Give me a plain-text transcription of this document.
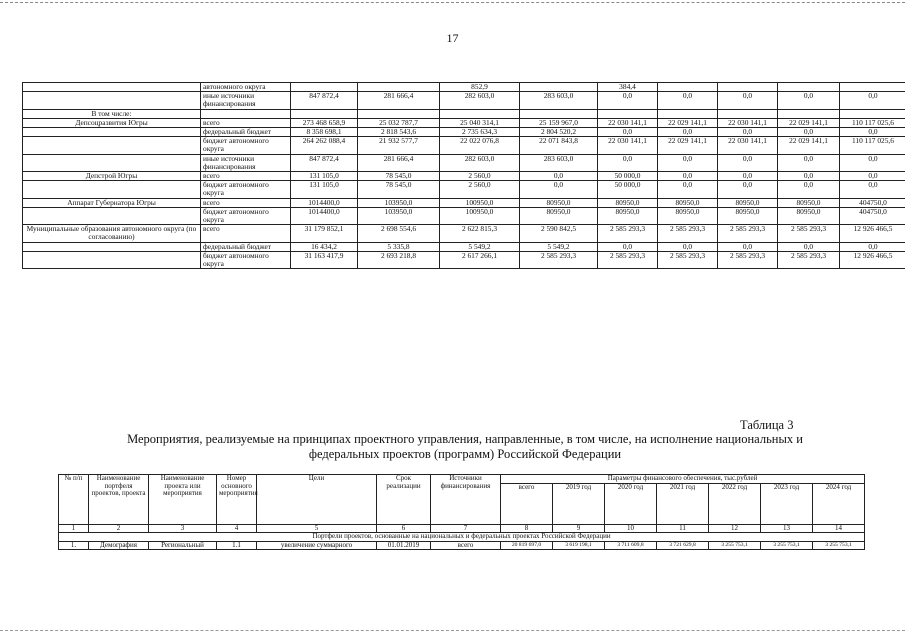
17
	автономного округа			852,9		384,4				
	иные источники финансирования	847 872,4	281 666,4	282 603,0	283 603,0	0,0	0,0	0,0	0,0	0,0
В том числе:										
Депсоцразвития Югры	всего	273 468 658,9	25 032 787,7	25 040 314,1	25 159 967,0	22 030 141,1	22 029 141,1	22 030 141,1	22 029 141,1	110 117 025,6
	федеральный бюджет	8 358 698,1	2 818 543,6	2 735 634,3	2 804 520,2	0,0	0,0	0,0	0,0	0,0
	бюджет автономного округа	264 262 088,4	21 932 577,7	22 022 076,8	22 071 843,8	22 030 141,1	22 029 141,1	22 030 141,1	22 029 141,1	110 117 025,6
	иные источники финансирования	847 872,4	281 666,4	282 603,0	283 603,0	0,0	0,0	0,0	0,0	0,0
Депстрой Югры	всего	131 105,0	78 545,0	2 560,0	0,0	50 000,0	0,0	0,0	0,0	0,0
	бюджет автономного округа	131 105,0	78 545,0	2 560,0	0,0	50 000,0	0,0	0,0	0,0	0,0
Аппарат Губернатора Югры	всего	1014400,0	103950,0	100950,0	80950,0	80950,0	80950,0	80950,0	80950,0	404750,0
	бюджет автономного округа	1014400,0	103950,0	100950,0	80950,0	80950,0	80950,0	80950,0	80950,0	404750,0
Муниципальные образования автономного округа (по согласованию)	всего	31 179 852,1	2 698 554,6	2 622 815,3	2 590 842,5	2 585 293,3	2 585 293,3	2 585 293,3	2 585 293,3	12 926 466,5
	федеральный бюджет	16 434,2	5 335,8	5 549,2	5 549,2	0,0	0,0	0,0	0,0	0,0
	бюджет автономного округа	31 163 417,9	2 693 218,8	2 617 266,1	2 585 293,3	2 585 293,3	2 585 293,3	2 585 293,3	2 585 293,3	12 926 466,5
Таблица 3
Мероприятия, реализуемые на принципах проектного управления, направленные, в том числе, на исполнение национальных и федеральных проектов (программ) Российской Федерации
№ п/п	Наименование портфеля проектов, проекта	Наименование проекта или мероприятия	Номер основного мероприятия	Цели	Срок реализации	Источники финансирования	Параметры финансового обеспечения, тыс.рублей						
							всего	2019 год	2020 год	2021 год	2022 год	2023 год	2024 год
1	2	3	4	5	6	7	8	9	10	11	12	13	14
Портфели проектов, основанные на национальных и федеральных проектах Российской Федерации													
1.	Демография	Региональный	1.1	увеличение суммарного	01.01.2019	всего	20 819 697,0	3 619 198,1	3 711 609,8	3 721 629,8	3 255 753,1	3 255 753,1	3 255 753,1
